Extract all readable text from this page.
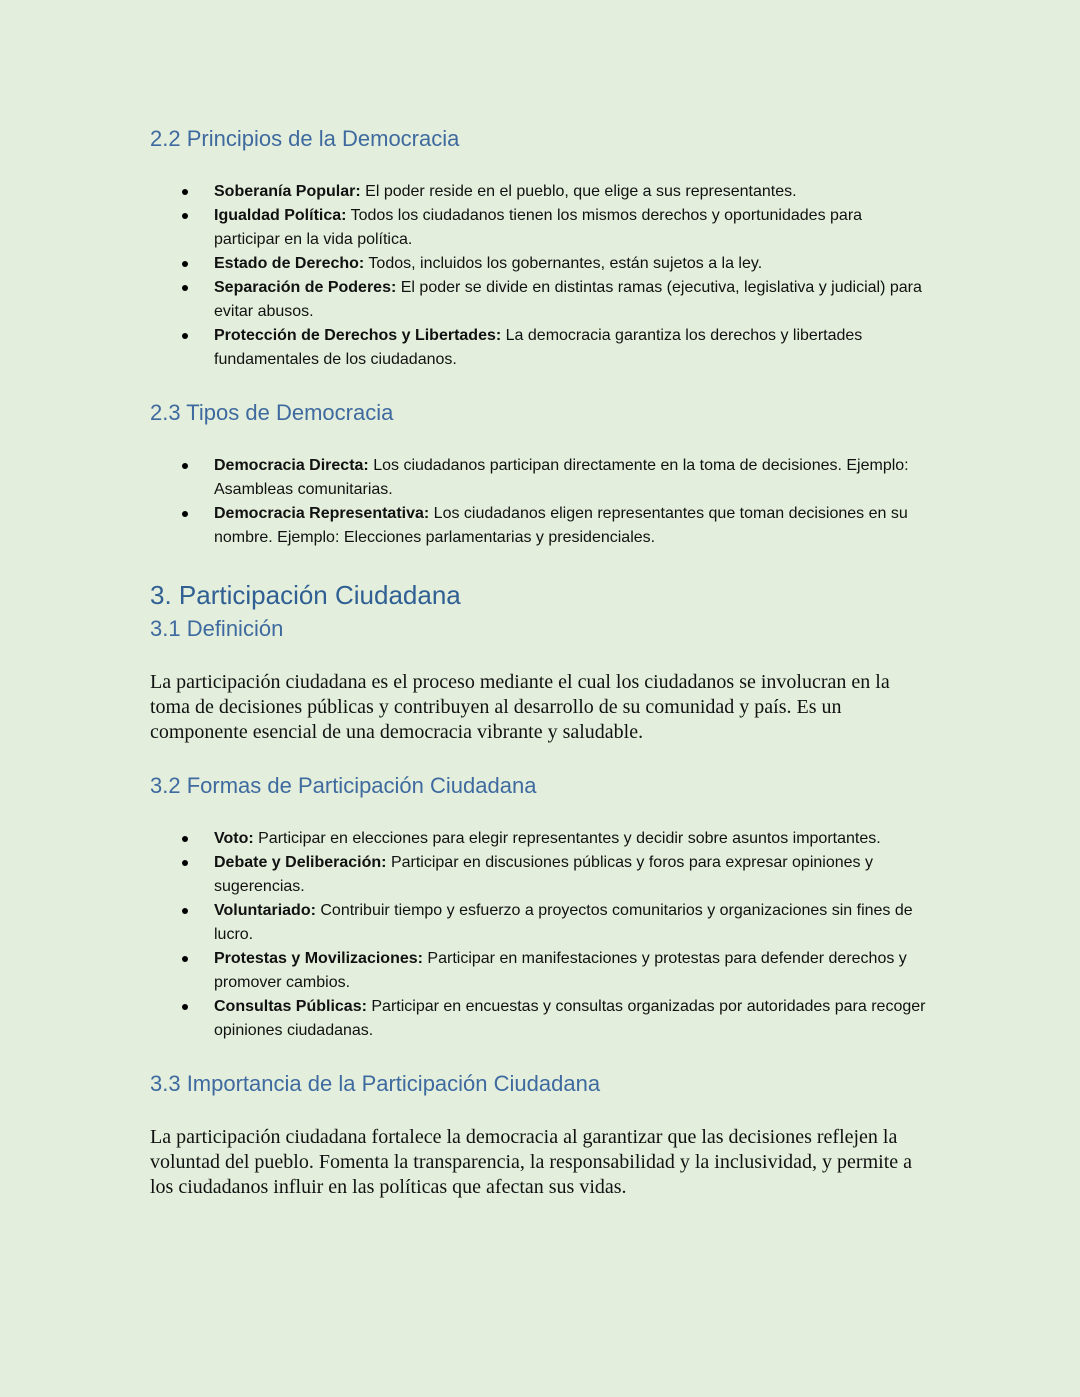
2.2 Principios de la Democracia
Soberanía Popular: El poder reside en el pueblo, que elige a sus representantes.
Igualdad Política: Todos los ciudadanos tienen los mismos derechos y oportunidades para participar en la vida política.
Estado de Derecho: Todos, incluidos los gobernantes, están sujetos a la ley.
Separación de Poderes: El poder se divide en distintas ramas (ejecutiva, legislativa y judicial) para evitar abusos.
Protección de Derechos y Libertades: La democracia garantiza los derechos y libertades fundamentales de los ciudadanos.
2.3 Tipos de Democracia
Democracia Directa: Los ciudadanos participan directamente en la toma de decisiones. Ejemplo: Asambleas comunitarias.
Democracia Representativa: Los ciudadanos eligen representantes que toman decisiones en su nombre. Ejemplo: Elecciones parlamentarias y presidenciales.
3. Participación Ciudadana
3.1 Definición

La participación ciudadana es el proceso mediante el cual los ciudadanos se involucran en la toma de decisiones públicas y contribuyen al desarrollo de su comunidad y país. Es un componente esencial de una democracia vibrante y saludable.

3.2 Formas de Participación Ciudadana
Voto: Participar en elecciones para elegir representantes y decidir sobre asuntos importantes.
Debate y Deliberación: Participar en discusiones públicas y foros para expresar opiniones y sugerencias.
Voluntariado: Contribuir tiempo y esfuerzo a proyectos comunitarios y organizaciones sin fines de lucro.
Protestas y Movilizaciones: Participar en manifestaciones y protestas para defender derechos y promover cambios.
Consultas Públicas: Participar en encuestas y consultas organizadas por autoridades para recoger opiniones ciudadanas.
3.3 Importancia de la Participación Ciudadana

La participación ciudadana fortalece la democracia al garantizar que las decisiones reflejen la voluntad del pueblo. Fomenta la transparencia, la responsabilidad y la inclusividad, y permite a los ciudadanos influir en las políticas que afectan sus vidas.
